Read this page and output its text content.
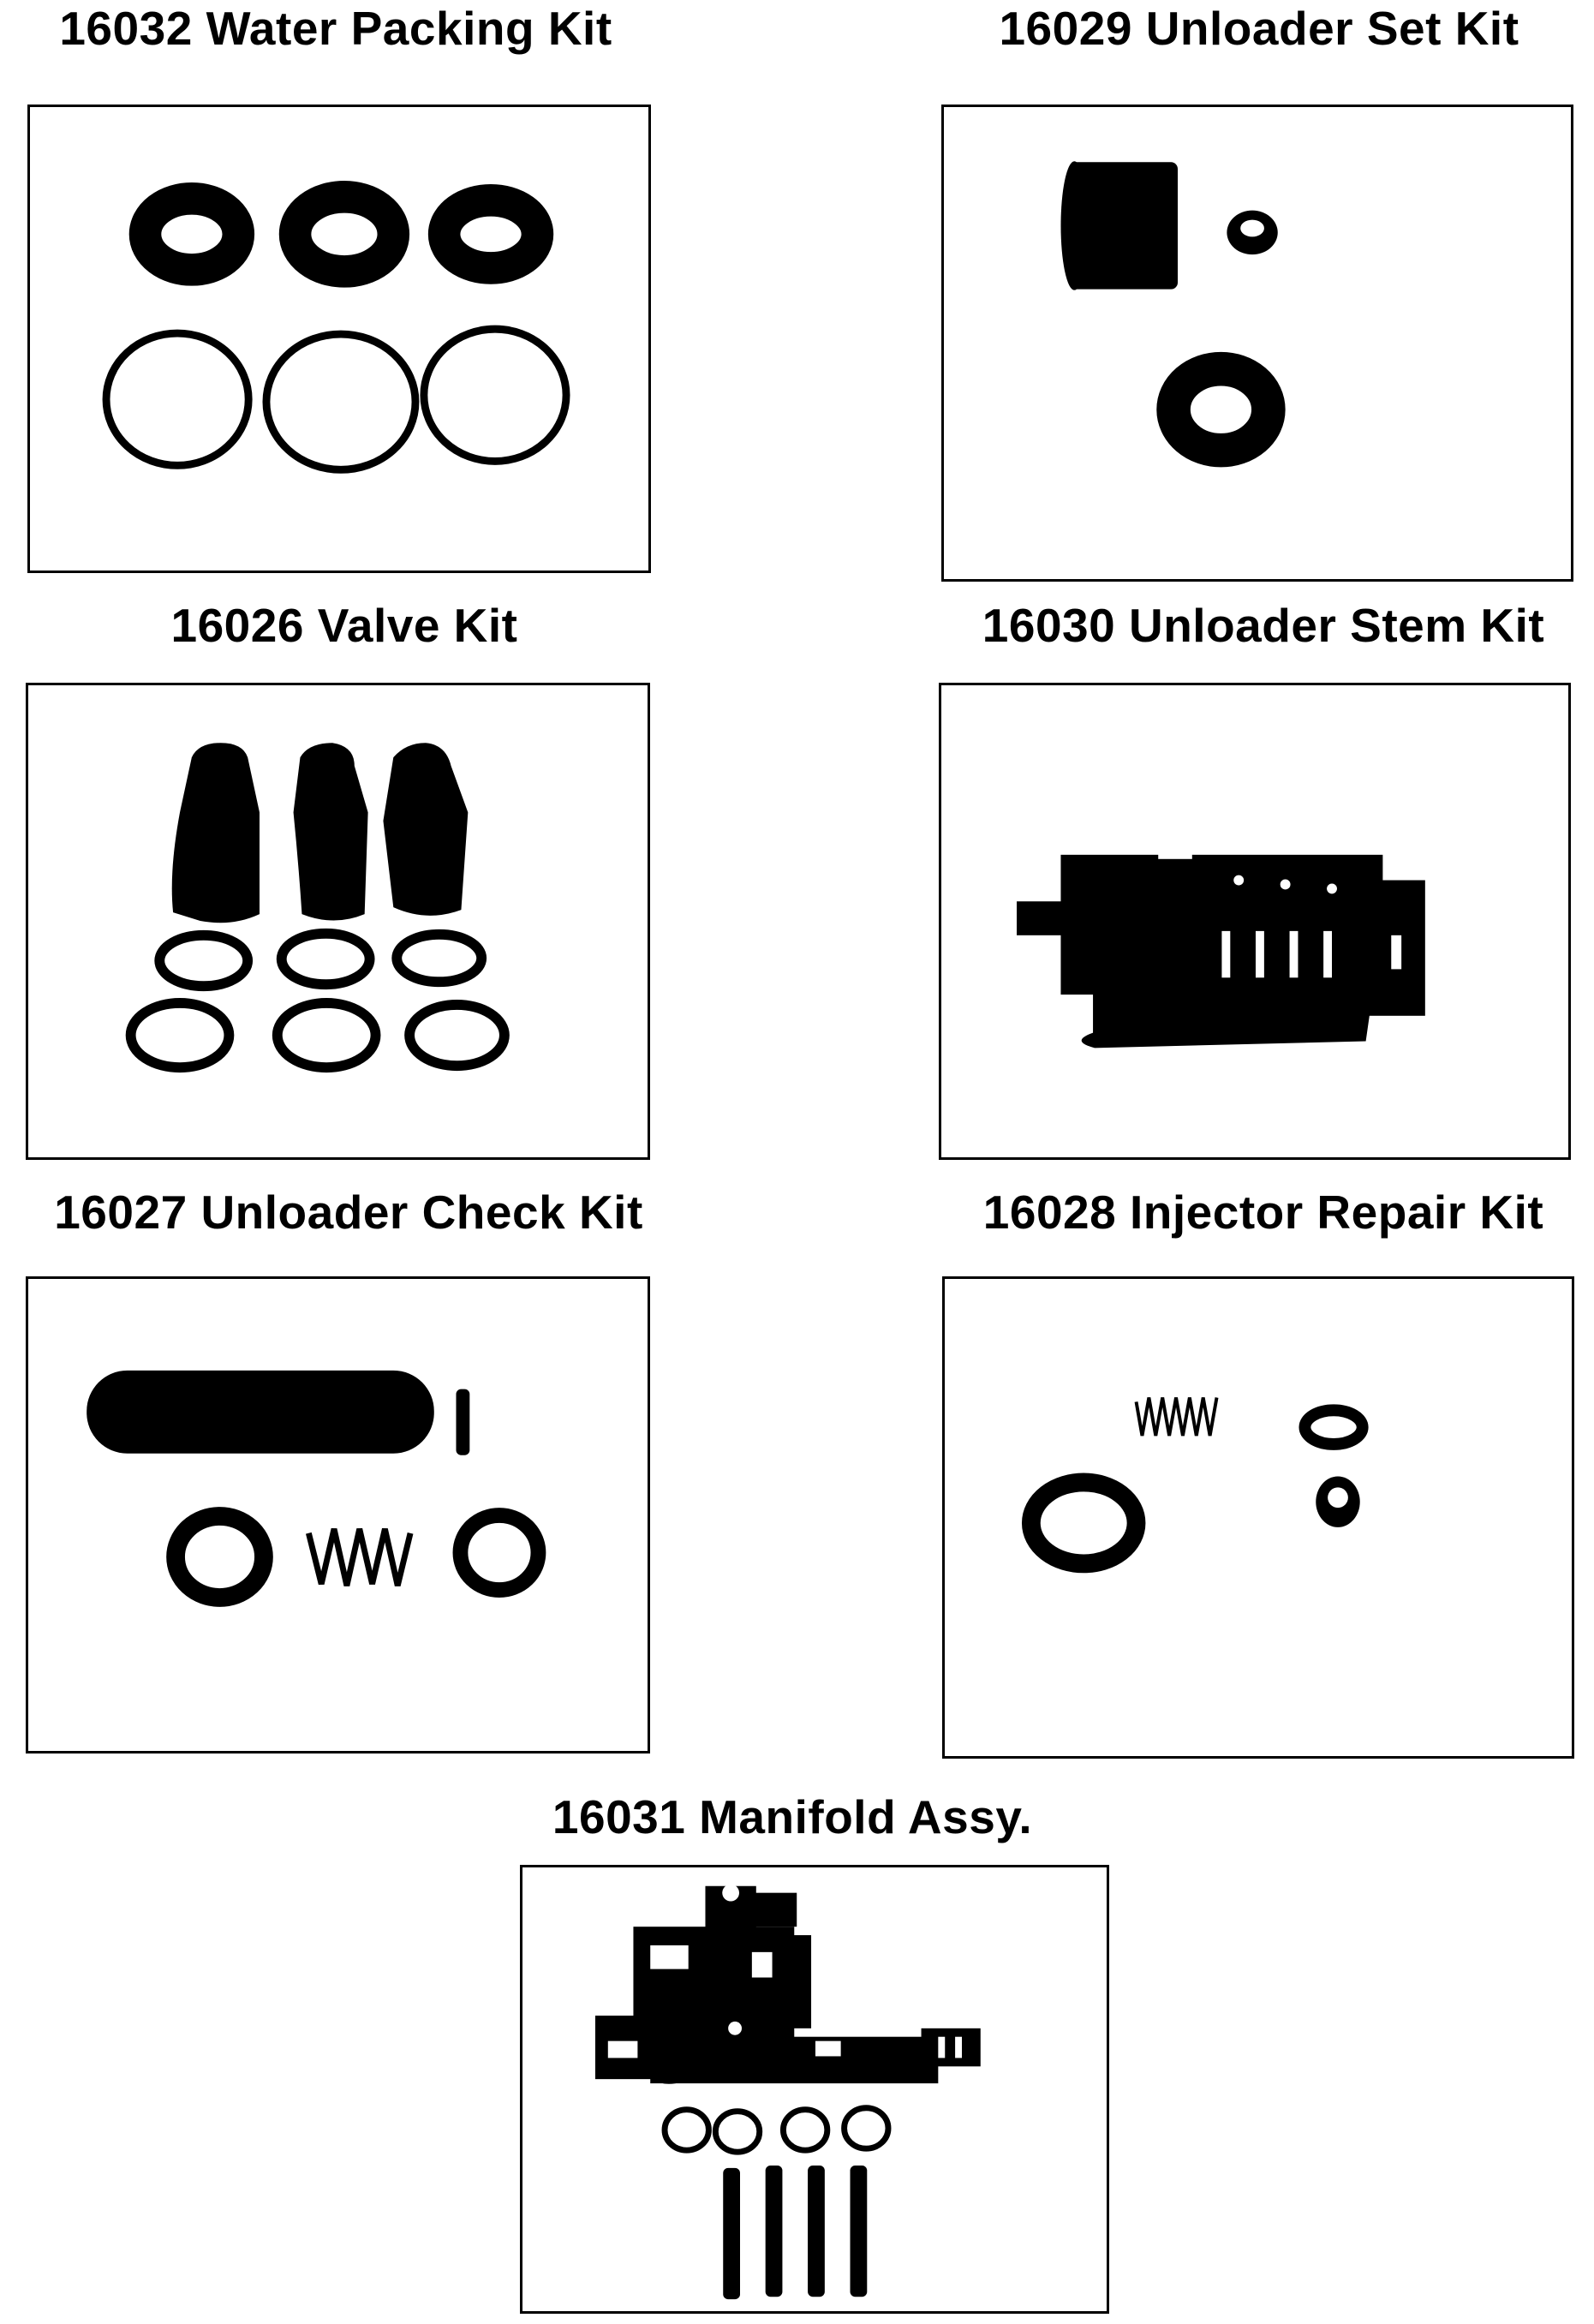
16032 Water Packing Kit	16029 Unloader Set Kit
16026 Valve Kit	16030 Unloader Stem Kit
16027 Unloader Check Kit	16028 Injector Repair Kit
16031 Manifold Assy.
